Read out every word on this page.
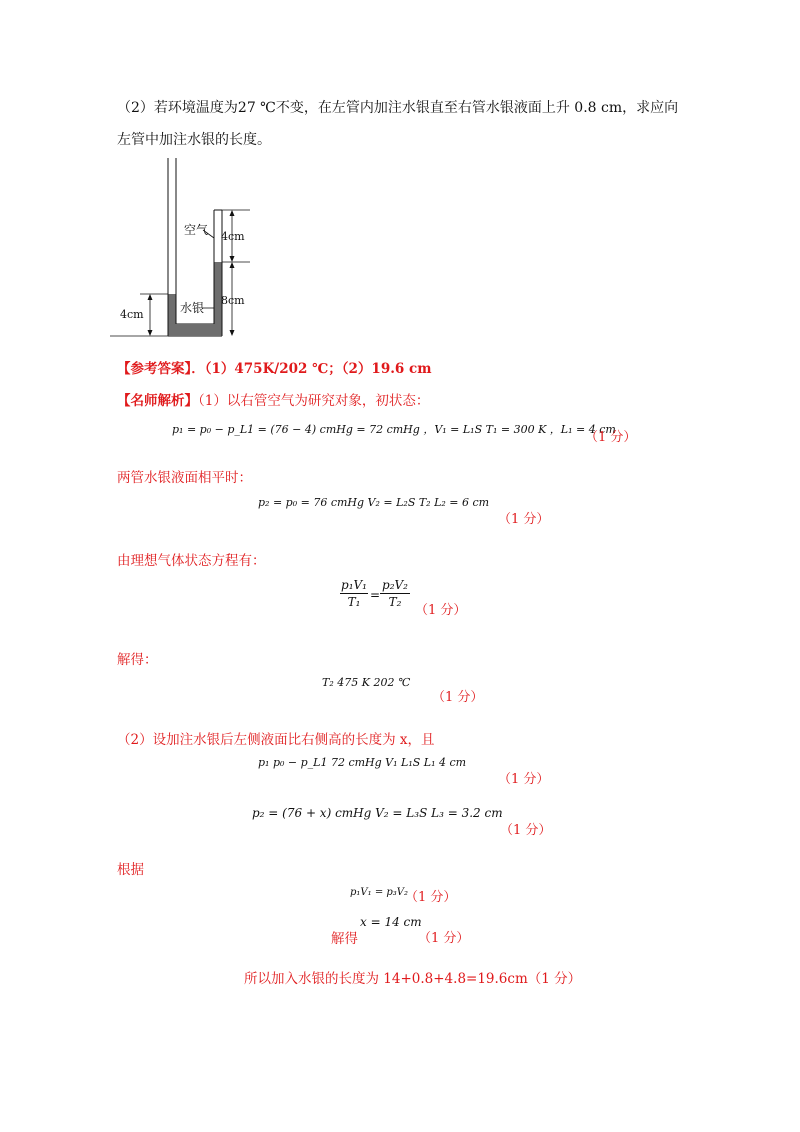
（2）若环境温度为27 ℃不变，在左管内加注水银直至右管水银液面上升 0.8 cm，求应向
左管中加注水银的长度。
空气 4cm
8cm
水银
4cm
【参考答案】．（1）475K/202 ℃；（2）19.6 cm
【名师解析】（1）以右管空气为研究对象，初状态：
p₁ = p₀ − p_L1 = (76 − 4) cmHg = 72 cmHg ，V₁ = L₁S T₁ = 300 K ，L₁ = 4 cm
（1 分）
两管水银液面相平时：
p₂ = p₀ = 76 cmHg V₂ = L₂S T₂ L₂ = 6 cm
（1 分）
由理想气体状态方程有：
p₁V₁
T₁ =
p₂V₂
T₂
（1 分）
解得：
T₂ 475 K 202 ℃
（1 分）
（2）设加注水银后左侧液面比右侧高的长度为 x，且
p₁ p₀ − p_L1 72 cmHg V₁ L₁S L₁ 4 cm
（1 分）
p₂ = (76 + x) cmHg V₂ = L₃S L₃ = 3.2 cm
（1 分）
根据
p₁V₁ = p₃V₂
（1 分）
x = 14 cm
解得	（1 分）
所以加入水银的长度为 14+0.8+4.8=19.6cm（1 分）
